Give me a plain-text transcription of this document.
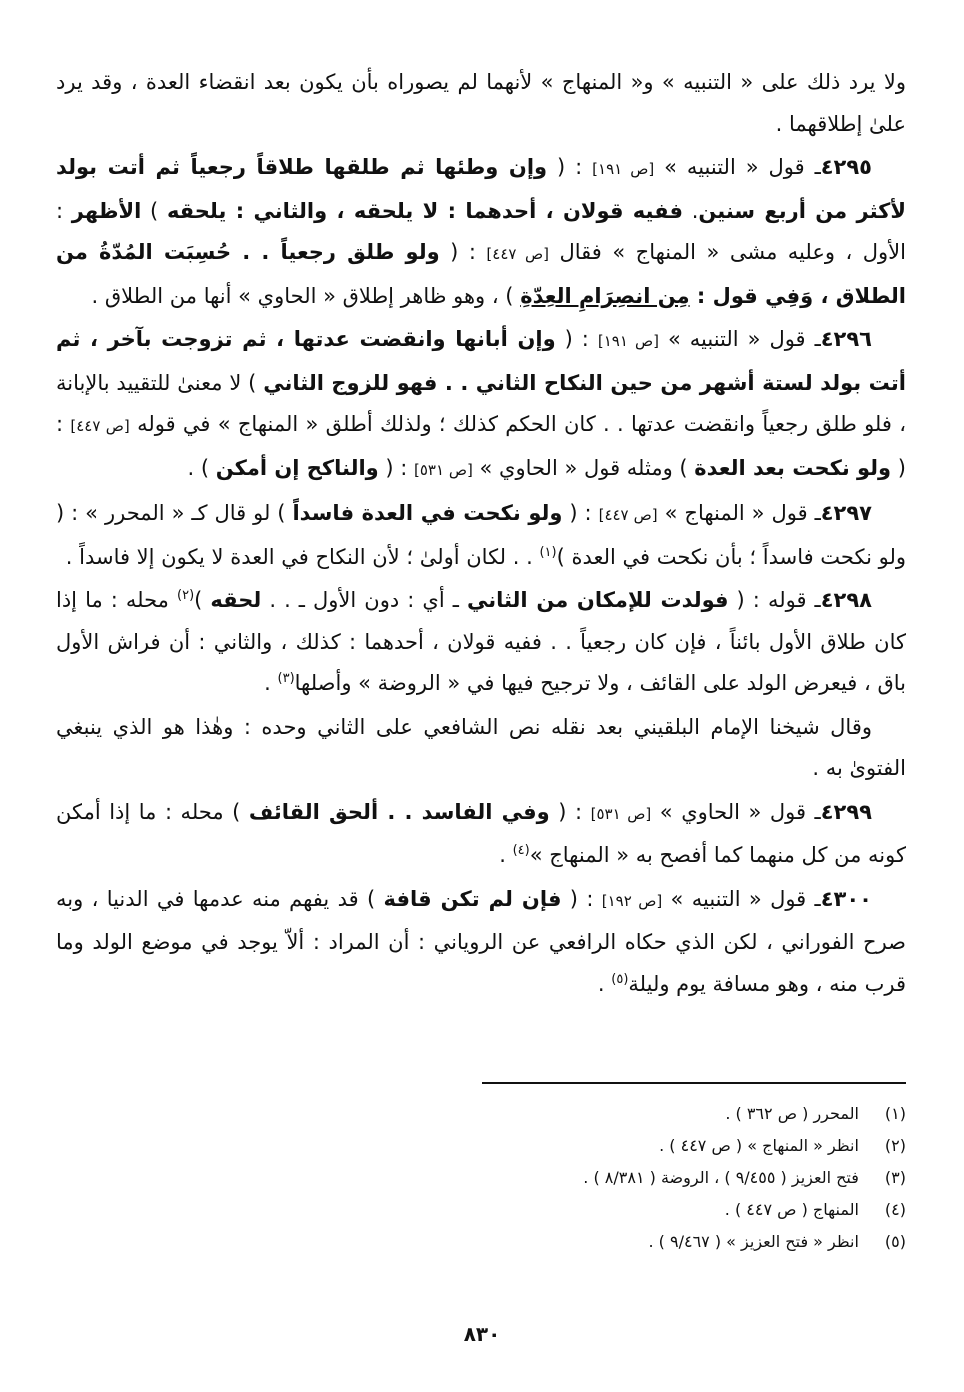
ولا يرد ذلك على « التنبيه » و« المنهاج » لأنهما لم يصوراه بأن يكون بعد انقضاء العدة ، وقد يرد علىٰ إطلاقهما .

٤٢٩٥ـ قول « التنبيه » [ص ١٩١] : ( وإن وطئها ثم طلقها طلاقاً رجعياً ثم أتت بولد لأكثر من أربع سنين. ففيه قولان ، أحدهما : لا يلحقه ، والثاني : يلحقه ) الأظهر : الأول ، وعليه مشى « المنهاج » فقال [ص ٤٤٧] : ( ولو طلق رجعياً . . حُسِبَت المُدّةُ من الطلاق ، وَفِي قول : مِن انصِرَامِ العِدّةِ ) ، وهو ظاهر إطلاق « الحاوي » أنها من الطلاق .

٤٢٩٦ـ قول « التنبيه » [ص ١٩١] : ( وإن أبانها وانقضت عدتها ، ثم تزوجت بآخر ، ثم أتت بولد لستة أشهر من حين النكاح الثاني . . فهو للزوج الثاني ) لا معنىٰ للتقييد بالإبانة ، فلو طلق رجعياً وانقضت عدتها . . كان الحكم كذلك ؛ ولذلك أطلق « المنهاج » في قوله [ص ٤٤٧] : ( ولو نكحت بعد العدة ) ومثله قول « الحاوي » [ص ٥٣١] : ( والناكح إن أمكن ) .

٤٢٩٧ـ قول « المنهاج » [ص ٤٤٧] : ( ولو نكحت في العدة فاسداً ) لو قال كـ « المحرر » : ( ولو نكحت فاسداً ؛ بأن نكحت في العدة )$^{(١)}$ . . لكان أولىٰ ؛ لأن النكاح في العدة لا يكون إلا فاسداً .

٤٢٩٨ـ قوله : ( فولدت للإمكان من الثاني ـ أي : دون الأول ـ . . لحقه )$^{(٢)}$ محله : ما إذا كان طلاق الأول بائناً ، فإن كان رجعياً . . ففيه قولان ، أحدهما : كذلك ، والثاني : أن فراش الأول باق ، فيعرض الولد على القائف ، ولا ترجيح فيها في « الروضة » وأصلها$^{(٣)}$ .

وقال شيخنا الإمام البلقيني بعد نقله نص الشافعي على الثاني وحده : وهٰذا هو الذي ينبغي الفتوىٰ به .

٤٢٩٩ـ قول « الحاوي » [ص ٥٣١] : ( وفي الفاسد . . ألحق القائف ) محله : ما إذا أمكن كونه من كل منهما كما أفصح به « المنهاج »$^{(٤)}$ .

٤٣٠٠ـ قول « التنبيه » [ص ١٩٢] : ( فإن لم تكن قافة ) قد يفهم منه عدمها في الدنيا ، وبه صرح الفوراني ، لكن الذي حكاه الرافعي عن الروياني : أن المراد : ألاّ يوجد في موضع الولد وما قرب منه ، وهو مسافة يوم وليلة$^{(٥)}$ .

(١) المحرر ( ص ٣٦٢ ) .
(٢) انظر « المنهاج » ( ص ٤٤٧ ) .
(٣) فتح العزيز ( ٩/٤٥٥ ) ، الروضة ( ٨/٣٨١ ) .
(٤) المنهاج ( ص ٤٤٧ ) .
(٥) انظر « فتح العزيز » ( ٩/٤٦٧ ) .
٨٣٠
